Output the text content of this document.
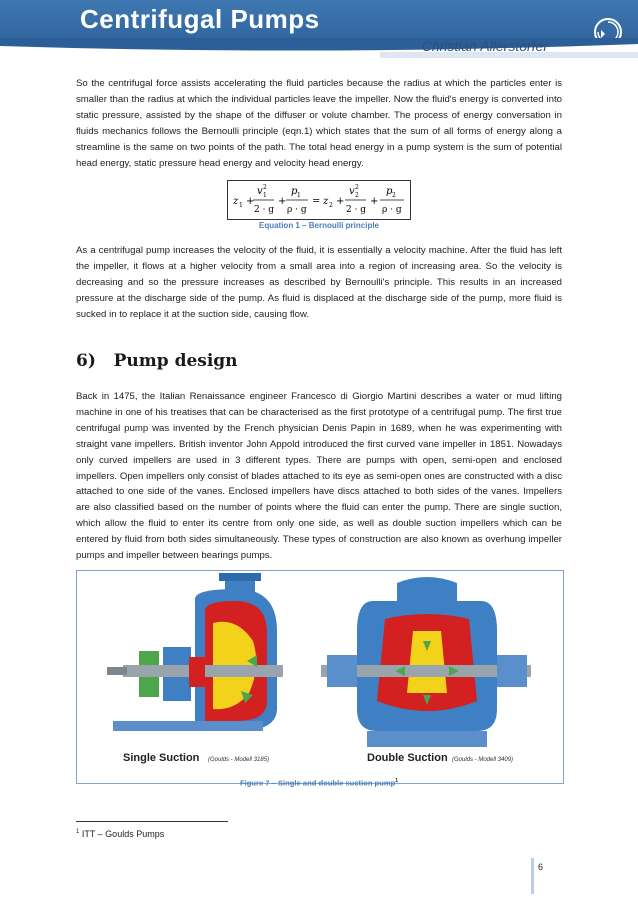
Centrifugal Pumps
Christian Allerstorfer

So the centrifugal force assists accelerating the fluid particles because the radius at which the particles enter is smaller than the radius at which the individual particles leave the impeller. Now the fluid's energy is converted into static pressure, assisted by the shape of the diffuser or volute chamber. The process of energy conversation in fluids mechanics follows the Bernoulli principle (eqn.1) which states that the sum of all forms of energy along a streamline is the same on two points of the path. The total head energy in a pump system is the sum of potential head energy, static pressure head energy and velocity head energy.

z 1 +
v 2
1
2 · g
+
p 1
ρ · g
= z 2 +
v 2
2
2 · g
+
p 2
ρ · g
Equation 1 – Bernoulli principle

As a centrifugal pump increases the velocity of the fluid, it is essentially a velocity machine. After the fluid has left the impeller, it flows at a higher velocity from a small area into a region of increasing area. So the velocity is decreasing and so the pressure increases as described by Bernoulli's principle. This results in an increased pressure at the discharge side of the pump. As fluid is displaced at the discharge side of the pump, more fluid is sucked in to replace it at the suction side, causing flow.

6)   Pump design

Back in 1475, the Italian Renaissance engineer Francesco di Giorgio Martini describes a water or mud lifting machine in one of his treatises that can be characterised as the first prototype of a centrifugal pump. The first true centrifugal pump was invented by the French physician Denis Papin in 1689, when he was experimenting with straight vane impellers. British inventor John Appold introduced the first curved vane impeller in 1851. Nowadays only curved impellers are used in 3 different types. There are pumps with open, semi-open and enclosed impellers. Open impellers only consist of blades attached to its eye as semi-open ones are constructed with a disc attached to one side of the vanes. Enclosed impellers have discs attached to both sides of the vanes. Impellers are also classified based on the number of points where the fluid can enter the pump. There are single suction, which allow the fluid to enter its centre from only one side, as well as double suction impellers which can be entered by fluid from both sides simultaneously. These types of construction are also known as overhung impeller pumps and impeller between bearings pumps.

Single Suction (Goulds - Modell 3185)	Double Suction (Goulds - Modell 3409)
Figure 7 – Single and double suction pump$^1$
$^1$ ITT – Goulds Pumps
6
